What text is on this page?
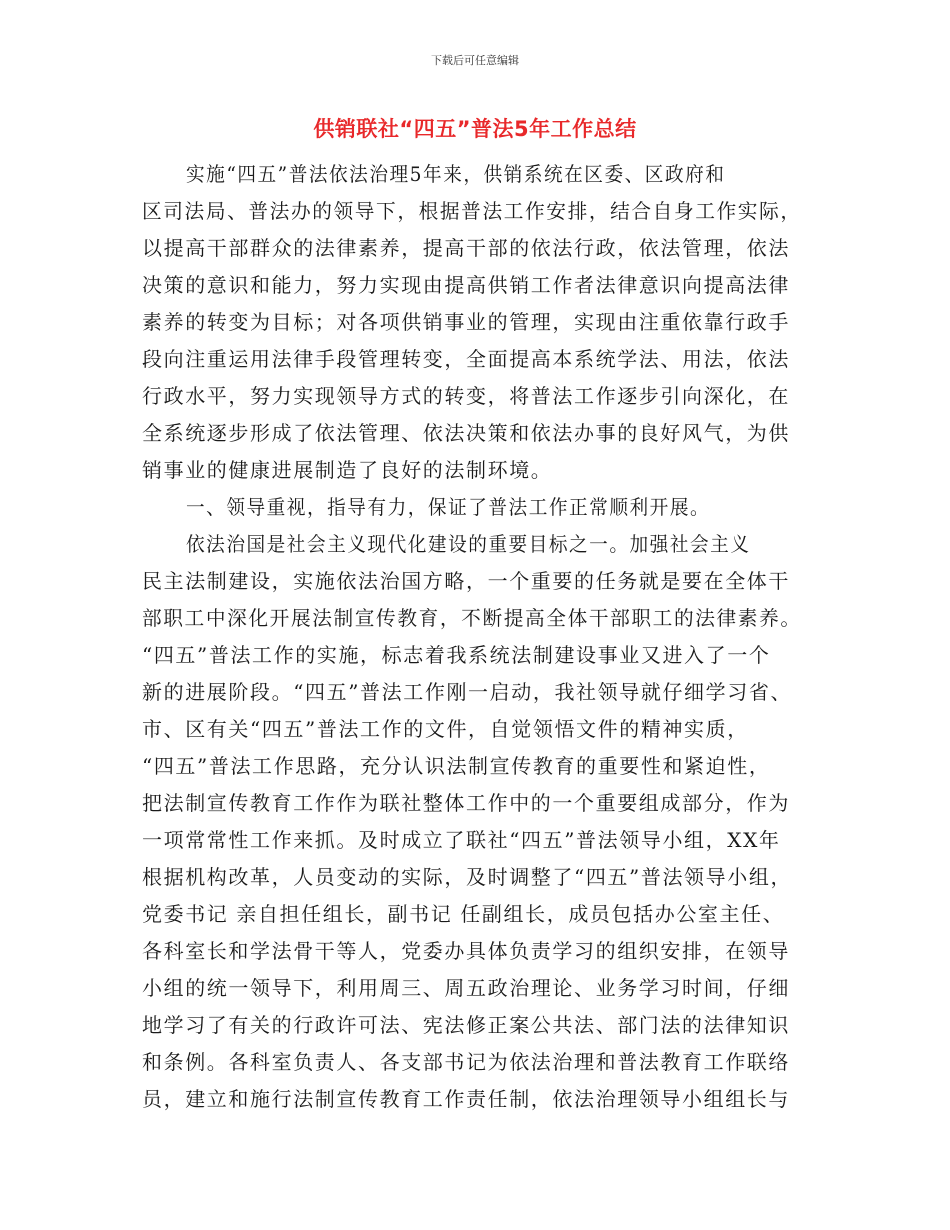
下载后可任意编辑
供销联社“四五”普法5年工作总结
实施“四五”普法依法治理5年来，供销系统在区委、区政府和
区司法局、普法办的领导下，根据普法工作安排，结合自身工作实际，
以提高干部群众的法律素养，提高干部的依法行政，依法管理，依法
决策的意识和能力，努力实现由提高供销工作者法律意识向提高法律
素养的转变为目标；对各项供销事业的管理，实现由注重依靠行政手
段向注重运用法律手段管理转变，全面提高本系统学法、用法，依法
行政水平，努力实现领导方式的转变，将普法工作逐步引向深化，在
全系统逐步形成了依法管理、依法决策和依法办事的良好风气，为供
销事业的健康进展制造了良好的法制环境。
一、领导重视，指导有力，保证了普法工作正常顺利开展。
依法治国是社会主义现代化建设的重要目标之一。加强社会主义
民主法制建设，实施依法治国方略，一个重要的任务就是要在全体干
部职工中深化开展法制宣传教育，不断提高全体干部职工的法律素养。
“四五”普法工作的实施，标志着我系统法制建设事业又进入了一个
新的进展阶段。“四五”普法工作刚一启动，我社领导就仔细学习省、
市、区有关“四五”普法工作的文件，自觉领悟文件的精神实质，
“四五”普法工作思路，充分认识法制宣传教育的重要性和紧迫性，
把法制宣传教育工作作为联社整体工作中的一个重要组成部分，作为
一项常常性工作来抓。及时成立了联社“四五”普法领导小组，XX年
根据机构改革，人员变动的实际，及时调整了“四五”普法领导小组，
党委书记 亲自担任组长，副书记 任副组长，成员包括办公室主任、
各科室长和学法骨干等人，党委办具体负责学习的组织安排，在领导
小组的统一领导下，利用周三、周五政治理论、业务学习时间，仔细
地学习了有关的行政许可法、宪法修正案公共法、部门法的法律知识
和条例。各科室负责人、各支部书记为依法治理和普法教育工作联络
员，建立和施行法制宣传教育工作责任制，依法治理领导小组组长与
